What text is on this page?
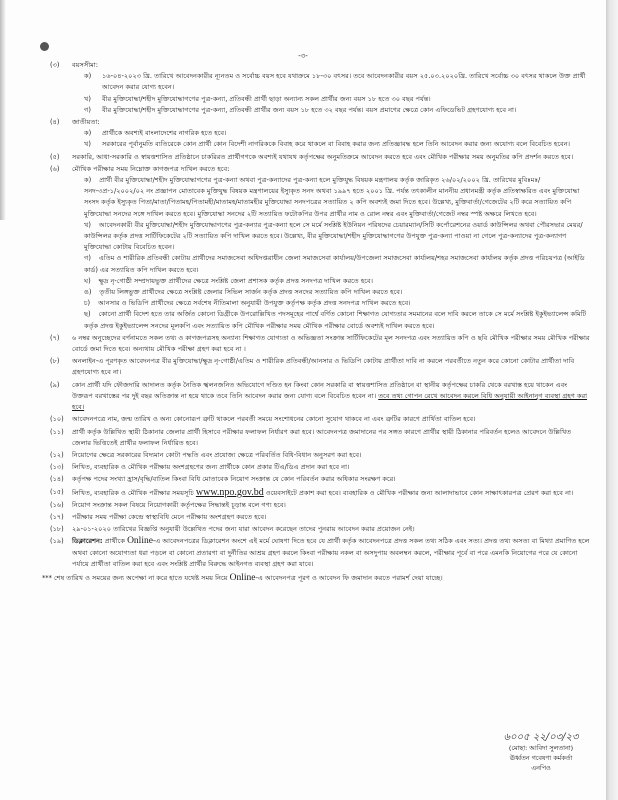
-৩-
(৩) বয়সসীমা:
ক) ১৬-০৪-২০২৩ খ্রি. তারিখে আবেদনকারীর ন্যূনতম ও সর্বোচ্চ বয়স হবে যথাক্রমে ১৮-৩০ বৎসর। তবে আবেদনকারীর বয়স ২৫.০৩.২০২০খ্রি. তারিখে সর্বোচ্চ ৩০ বৎসর থাকলে উক্ত প্রার্থী আবেদন করার যোগ্য হবেন।
খ) বীর মুক্তিযোদ্ধা/শহীদ মুক্তিযোদ্ধাগণের পুত্র-কন্যা, প্রতিবন্ধী প্রার্থী ছাড়া অন্যান্য সকল প্রার্থীর জন্য বয়স ১৮ হতে ৩০ বছর পর্যন্ত।
গ) বীর মুক্তিযোদ্ধা/শহীদ মুক্তিযোদ্ধাগণের পুত্র-কন্যা, প্রতিবন্ধী প্রার্থীর জন্য বয়স ১৮ হতে ৩২ বছর পর্যন্ত। বয়স প্রমাণের ক্ষেত্রে কোন এফিডেভিট গ্রহণযোগ্য হবে না।
(৪) জাতীয়তা:
ক) প্রার্থীকে অবশ্যই বাংলাদেশের নাগরিক হতে হবে।
খ) সরকারের পূর্বানুমতি ব্যতিরেকে কোন প্রার্থী কোন বিদেশী নাগরিককে বিবাহ করে থাকলে বা বিবাহ করার জন্য প্রতিজ্ঞাবদ্ধ হলে তিনি আবেদন করার জন্য অযোগ্য বলে বিবেচিত হবেন।
(৫) সরকারি, আধা-সরকারি ও স্বায়ত্তশাসিত প্রতিষ্ঠানে চাকরিরত প্রার্থীগণকে অবশ্যই যথাযথ কর্তৃপক্ষের অনুমতিক্রমে আবেদন করতে হবে এবং মৌখিক পরীক্ষার সময় অনুমতির কপি প্রদর্শন করতে হবে।
(৬) মৌখিক পরীক্ষার সময় নিম্নোক্ত কাগজপত্র দাখিল করতে হবে:
ক) প্রার্থী বীর মুক্তিযোদ্ধা/শহীদ মুক্তিযোদ্ধাগণের পুত্র-কন্যা অথবা পুত্র-কন্যাদের পুত্র-কন্যা হলে মুক্তিযুদ্ধ বিষয়ক মন্ত্রণালয় কর্তৃক জারিকৃত ২৬/০২/২০০২ খ্রি. তারিখের মুবিঃমঃ/সনদ-৩প্র-১/২০০২/০২ নং প্রজ্ঞাপন মোতাবেক মুক্তিযুদ্ধ বিষয়ক মন্ত্রণালয়ের ইস্যুকৃত সনদ অথবা ১৯৯৭ হতে ২০০১ খ্রি. পর্যন্ত তৎকালীন মাননীয় প্রধানমন্ত্রী কর্তৃক প্রতিস্বাক্ষরিত এবং মুক্তিযোদ্ধা সংসদ কর্তৃক ইস্যুকৃত পিতা/মাতা/পিতামহ/পিতামহী/মাতামহ/মাতামহীর মুক্তিযোদ্ধা সনদপত্রের সত্যায়িত ২ কপি অবশ্যই জমা দিতে হবে। উল্লেখ্য, মুক্তিবার্তা/গেজেটের ২টি করে সত্যায়িত কপি মুক্তিযোদ্ধা সনদের সঙ্গে দাখিল করতে হবে। মুক্তিযোদ্ধা সনদের ২টি সত্যায়িত ফটোকপির উপর প্রার্থীর নাম ও রোল নম্বর এবং মুক্তিবার্তা/গেজেট নম্বর স্পষ্ট অক্ষরে লিখতে হবে।
খ) আবেদনকারী বীর মুক্তিযোদ্ধা/শহীদ মুক্তিযোদ্ধাগণের পুত্র-কন্যার পুত্র-কন্যা হলে সে মর্মে সংশ্লিষ্ট ইউনিয়ন পরিষদের চেয়ারম্যান/সিটি কর্পোরেশনের ওয়ার্ড কাউন্সিলর অথবা পৌরসভার মেয়র/কাউন্সিলর কর্তৃক প্রদত্ত সার্টিফিকেটের ২টি সত্যায়িত কপি দাখিল করতে হবে। উল্লেখ্য, বীর মুক্তিযোদ্ধা/শহীদ মুক্তিযোদ্ধাগণের উপযুক্ত পুত্র-কন্যা পাওয়া না গেলে পুত্র-কন্যাদের পুত্র-কন্যাগণ মুক্তিযোদ্ধা কোটায় বিবেচিত হবেন।
গ) এতিম ও শারীরিক প্রতিবন্ধী কোটায় প্রার্থীদের সমাজসেবা অধিদপ্তরাধীন জেলা সমাজসেবা কার্যালয়/উপজেলা সমাজসেবা কার্যালয়/শহর সমাজসেবা কার্যালয় কর্তৃক প্রদত্ত পরিচয়পত্র (আইডি কার্ড) এর সত্যায়িত কপি দাখিল করতে হবে।
ঘ) ক্ষুদ্র নৃ-গোষ্ঠী সম্প্রদায়ভুক্ত প্রার্থীদের ক্ষেত্রে সংশ্লিষ্ট জেলা প্রশাসক কর্তৃক প্রদত্ত সনদপত্র দাখিল করতে হবে।
ঙ) তৃতীয় লিঙ্গভুক্ত প্রার্থীদের ক্ষেত্রে সংশ্লিষ্ট জেলার সিভিল সার্জন কর্তৃক প্রদত্ত সনদের সত্যায়িত কপি দাখিল করতে হবে।
চ) আনসার ও ভিডিপি প্রার্থীদের ক্ষেত্রে সর্বশেষ নীতিমালা অনুযায়ী উপযুক্ত কর্তৃপক্ষ কর্তৃক প্রদত্ত সনদপত্র দাখিল করতে হবে।
ছ) কোনো প্রার্থী বিদেশ হতে তার অর্জিত কোনো ডিগ্রীকে উপরোল্লিখিত পদসমূহের পার্শ্বে বর্ণিত কোনো শিক্ষাগত যোগ্যতার সমমানের বলে দাবি করলে তাকে সে মর্মে সংশ্লিষ্ট ইকুইভ্যালেন্স কমিটি কর্তৃক প্রদত্ত ইকুইভ্যালেন্স সনদের মূলকপি এবং সত্যায়িত কপি মৌখিক পরীক্ষার সময় মৌখিক পরীক্ষার বোর্ডে অবশ্যই দাখিল করতে হবে।
(৭) ৬ নম্বর অনুচ্ছেদের বর্ণনামতে সকল তথ্য ও কাগজপত্রসহ অন্যান্য শিক্ষাগত যোগ্যতা ও অভিজ্ঞতা সংক্রান্ত সার্টিফিকেটের মূল সনদপত্র এবং সত্যায়িত কপি ও ছবি মৌখিক পরীক্ষার সময় মৌখিক পরীক্ষার বোর্ডে জমা দিতে হবে। অন্যথায় মৌখিক পরীক্ষা গ্রহণ করা হবে না ।
(৮) অনলাইন-এ পূরণকৃত আবেদনপত্র বীর মুক্তিযোদ্ধা/ক্ষুদ্র নৃ-গোষ্ঠী/এতিম ও শারীরিক প্রতিবন্ধী/আনসার ও ভিডিপি কোটায় প্রার্থীতা দাবি না করলে পরবর্তীতে নতুন করে কোনো কোটার প্রার্থীতা দাবি গ্রহণযোগ্য হবে না।
(৯) কোন প্রার্থী যদি ফৌজদারি আদালত কর্তৃক নৈতিক স্খলনজনিত অভিযোগে দণ্ডিত হন কিংবা কোন সরকারি বা স্বায়ত্তশাসিত প্রতিষ্ঠানে বা স্থানীয় কর্তৃপক্ষের চাকরি থেকে বরখাস্ত হয়ে থাকেন এবং উক্তরূপ বরখাস্তের পর দুই বছর অতিক্রান্ত না হয়ে থাকে তবে তিনি আবেদন করার জন্য যোগ্য বলে বিবেচিত হবেন না। তবে তথ্য গোপন রেখে আবেদন করলে বিধি অনুযায়ী আইনানুগ ব্যবস্থা গ্রহণ করা হবে।
(১০) আবেদনপত্রে নাম, জন্ম তারিখ ও অন্য কোনোরূপ ত্রুটি থাকলে পরবর্তী সময়ে সংশোধনের কোনো সুযোগ থাকবে না এবং ত্রুটির কারণে প্রার্থিতা বাতিল হবে।
(১১) প্রার্থী কর্তৃক উল্লিখিত স্থায়ী ঠিকানার জেলার প্রার্থী হিসাবে পরীক্ষার ফলাফল নির্ধারণ করা হবে। আবেদনপত্র জমাদানের পর সঙ্গত কারণে প্রার্থীর স্থায়ী ঠিকানার পরিবর্তন হলেও আবেদনে উল্লিখিত জেলার ভিত্তিতেই প্রার্থীর ফলাফল নির্ধারিত হবে।
(১২) নিয়োগের ক্ষেত্রে সরকারের বিদ্যমান কোটা পদ্ধতি এবং প্রযোজ্য ক্ষেত্রে পরিবর্তিত বিধি-বিধান অনুসরণ করা হবে।
(১৩) লিখিত, ব্যবহারিক ও মৌখিক পরীক্ষায় অংশগ্রহণের জন্য প্রার্থীকে কোন প্রকার টিএ/ডিএ প্রদান করা হবে না।
(১৪) কর্তৃপক্ষ পদের সংখ্যা হ্রাস/বৃদ্ধি/বাতিল কিংবা বিধি মোতাবেক নিয়োগ সংক্রান্ত যে কোন পরিবর্তন করার অধিকার সংরক্ষণ করে।
(১৫) লিখিত, ব্যবহারিক ও মৌখিক পরীক্ষার সময়সূচি www.npo.gov.bd ওয়েবসাইটে প্রকাশ করা হবে। ব্যবহারিক ও মৌখিক পরীক্ষার জন্য আলাদাভাবে কোন সাক্ষাৎকারপত্র প্রেরণ করা হবে না।
(১৬) নিয়োগ সংক্রান্ত সকল বিষয়ে নিয়োগকারী কর্তৃপক্ষের সিদ্ধান্তই চূড়ান্ত বলে গণ্য হবে।
(১৭) পরীক্ষার সময় পরীক্ষা কেন্দ্রে স্বাস্থ্যবিধি মেনে পরীক্ষায় অংশগ্রহণ করতে হবে।
(১৮) ২৯-০১-২০২০ তারিখের বিজ্ঞপ্তি অনুযায়ী উল্লেখিত পদের জন্য যারা আবেদন করেছেন তাদের পুনরায় আবেদন করার প্রয়োজন নেই।
(১৯) ডিক্লারেশন: প্রার্থীকে Online-এ আবেদনপত্রের ডিক্লারেশন অংশে এই মর্মে ঘোষণা দিতে হবে যে প্রার্থী কর্তৃক আবেদনপত্রে প্রদত্ত সকল তথ্য সঠিক এবং সত্য। প্রদত্ত তথ্য অসত্য বা মিথ্যা প্রমাণিত হলে অথবা কোনো অযোগ্যতা ধরা পড়লে বা কোনো প্রতারণা বা দুর্নীতির আশ্রয় গ্রহণ করলে কিংবা পরীক্ষায় নকল বা অসদুপায় অবলম্বন করলে, পরীক্ষার পূর্বে বা পরে এমনকি নিয়োগের পরে যে কোনো পর্যায়ে প্রার্থীতা বাতিল করা হবে এবং সংশ্লিষ্ট প্রার্থীর বিরুদ্ধে আইনগত ব্যবস্থা গ্রহণ করা যাবে।
*** শেষ তারিখ ও সময়ের জন্য অপেক্ষা না করে হাতে যথেষ্ট সময় নিয়ে Online-এ আবেদনপত্র পূরণ ও আবেদন ফি জমাদান করতে পরামর্শ দেয়া যাচ্ছে।
৬০০৫ ২২/০৩/২৩
(মোছা: আবিদা সুলতানা)
ঊর্ধ্বতন গবেষণা কর্মকর্তা
এনপিও
